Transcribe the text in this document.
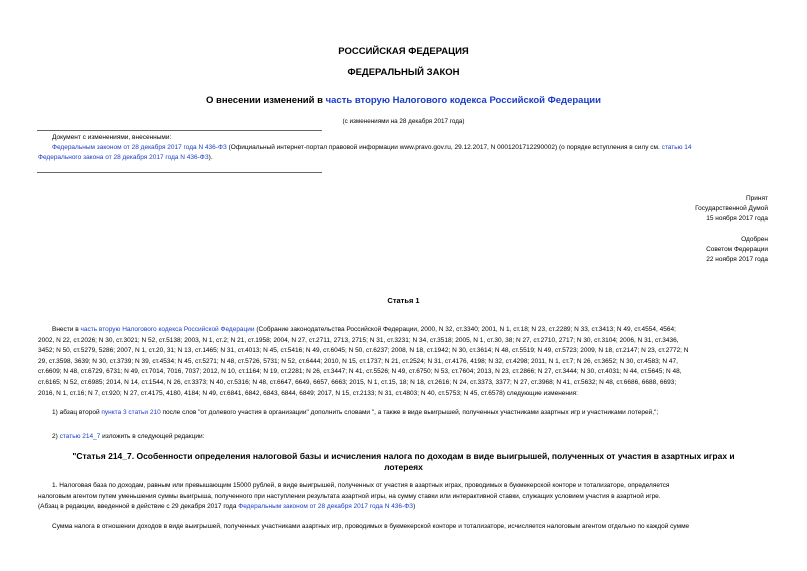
РОССИЙСКАЯ ФЕДЕРАЦИЯ
ФЕДЕРАЛЬНЫЙ ЗАКОН
О внесении изменений в часть вторую Налогового кодекса Российской Федерации
(с изменениями на 28 декабря 2017 года)
Документ с изменениями, внесенными:
Федеральным законом от 28 декабря 2017 года N 436-ФЗ (Официальный интернет-портал правовой информации www.pravo.gov.ru, 29.12.2017, N 0001201712290002) (о порядке вступления в силу см. статью 14
Федерального закона от 28 декабря 2017 года N 436-ФЗ).
Принят
Государственной Думой
15 ноября 2017 года
Одобрен
Советом Федерации
22 ноября 2017 года
Статья 1
Внести в часть вторую Налогового кодекса Российской Федерации (Собрание законодательства Российской Федерации, 2000, N 32, ст.3340; 2001, N 1, ст.18; N 23, ст.2289; N 33, ст.3413; N 49, ст.4554, 4564;
2002, N 22, ст.2026; N 30, ст.3021; N 52, ст.5138; 2003, N 1, ст.2; N 21, ст.1958; 2004, N 27, ст.2711, 2713, 2715; N 31, ст.3231; N 34, ст.3518; 2005, N 1, ст.30, 38; N 27, ст.2710, 2717; N 30, ст.3104; 2006, N 31, ст.3436,
3452; N 50, ст.5279, 5286; 2007, N 1, ст.20, 31; N 13, ст.1465; N 31, ст.4013; N 45, ст.5416; N 49, ст.6045; N 50, ст.6237; 2008, N 18, ст.1942; N 30, ст.3614; N 48, ст.5519; N 49, ст.5723; 2009, N 18, ст.2147; N 23, ст.2772; N
29, ст.3598, 3639; N 30, ст.3739; N 39, ст.4534; N 45, ст.5271; N 48, ст.5726, 5731; N 52, ст.6444; 2010, N 15, ст.1737; N 21, ст.2524; N 31, ст.4176, 4198; N 32, ст.4298; 2011, N 1, ст.7; N 26, ст.3652; N 30, ст.4583; N 47,
ст.6609; N 48, ст.6729, 6731; N 49, ст.7014, 7016, 7037; 2012, N 10, ст.1164; N 19, ст.2281; N 26, ст.3447; N 41, ст.5526; N 49, ст.6750; N 53, ст.7604; 2013, N 23, ст.2866; N 27, ст.3444; N 30, ст.4031; N 44, ст.5645; N 48,
ст.6165; N 52, ст.6985; 2014, N 14, ст.1544, N 26, ст.3373; N 40, ст.5316; N 48, ст.6647, 6649, 6657, 6663; 2015, N 1, ст.15, 18; N 18, ст.2616; N 24, ст.3373, 3377; N 27, ст.3968; N 41, ст.5632; N 48, ст.6686, 6688, 6693;
2016, N 1, ст.16; N 7, ст.920; N 27, ст.4175, 4180, 4184; N 49, ст.6841, 6842, 6843, 6844, 6849; 2017, N 15, ст.2133; N 31, ст.4803; N 40, ст.5753; N 45, ст.6578) следующие изменения:
1) абзац второй пункта 3 статьи 210 после слов "от долевого участия в организации" дополнить словами ", а также в виде выигрышей, полученных участниками азартных игр и участниками лотерей,";
2) статью 214_7 изложить в следующей редакции:
"Статья 214_7. Особенности определения налоговой базы и исчисления налога по доходам в виде выигрышей, полученных от участия в азартных играх и
лотереях
1. Налоговая база по доходам, равным или превышающим 15000 рублей, в виде выигрышей, полученных от участия в азартных играх, проводимых в букмекерской конторе и тотализаторе, определяется
налоговым агентом путем уменьшения суммы выигрыша, полученного при наступлении результата азартной игры, на сумму ставки или интерактивной ставки, служащих условием участия в азартной игре.
(Абзац в редакции, введенной в действие с 29 декабря 2017 года Федеральным законом от 28 декабря 2017 года N 436-ФЗ)
Сумма налога в отношении доходов в виде выигрышей, полученных участниками азартных игр, проводимых в букмекерской конторе и тотализаторе, исчисляется налоговым агентом отдельно по каждой сумме
